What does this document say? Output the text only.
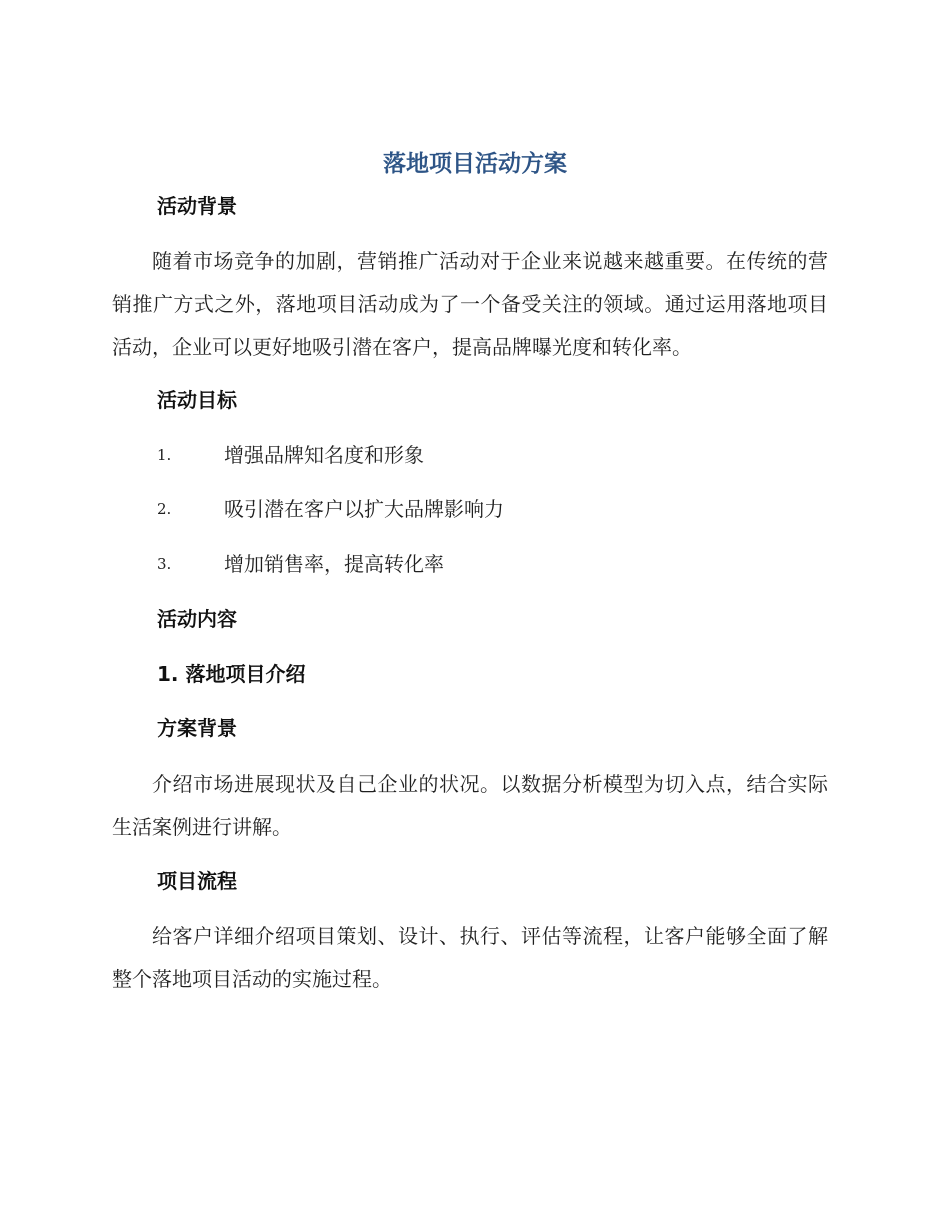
落地项目活动方案
活动背景
随着市场竞争的加剧，营销推广活动对于企业来说越来越重要。在传统的营销推广方式之外，落地项目活动成为了一个备受关注的领域。通过运用落地项目活动，企业可以更好地吸引潜在客户，提高品牌曝光度和转化率。
活动目标
1.	增强品牌知名度和形象
2.	吸引潜在客户以扩大品牌影响力
3.	增加销售率，提高转化率
活动内容
1. 落地项目介绍
方案背景
介绍市场进展现状及自己企业的状况。以数据分析模型为切入点，结合实际生活案例进行讲解。
项目流程
给客户详细介绍项目策划、设计、执行、评估等流程，让客户能够全面了解整个落地项目活动的实施过程。
